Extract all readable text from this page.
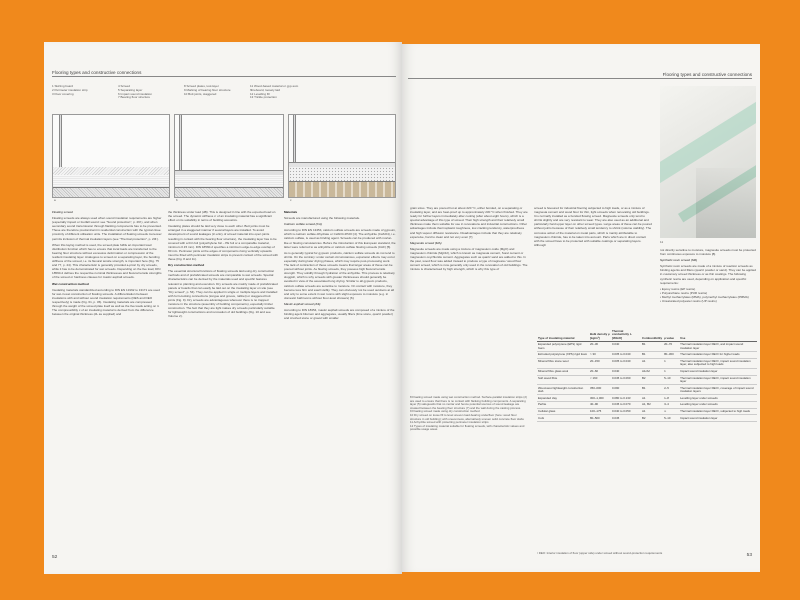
Flooring types and constructive connections
1 Skirting board
2 Perimeter insulation strip
3 Floor covering
4 Screed
5 Separating layer
6 Impact sound insulation
7 Bearing floor structure
8 Screed plates, tool-layer
9 Marking of bearing floor structure
10 Butt joints, staggered
11 Wood-based material or gyp-sum fibreboard, loosely laid
12 Levelling fill
13 Trickle protection
a	b	c

Floating screed

Floating screeds are always used when sound insulation requirements are higher (especially impact or footfall sound: see "Sound protection", p. 29f.), and when secondary sound transmission through flanking components has to be prevented. These are therefore predominant in residential construction with the typical close proximity of different utilisation units. The installation of floating screeds moreover permits inclusion of thermal insulation layers (see "Thermal protection", p. 20f.).

When this laying method is used, the screed plate fulfils an important load distribution function which has to ensure that local loads are transferred to the bearing floor structure without excessive deformation or compression of the resilient insulating layer. Analogous to screed on a separating layer, the bending stiffness of the screed, i.e. its flexural tensile strength, is important here (Fig. 75 and 77, p. 44). This characteristic is generally provided a-priori by dry screeds, while it has to be demonstrated for wet screeds. Depending on the live load, DIN 18560-2 defines the respective nominal thicknesses and flexural tensile strengths of the screed or hardness classes for mastic asphalt screeds.

Wet construction method

Insulating materials standardized according to DIN EN 13162 to 13171 are used for wet-in-wet construction of floating screeds. A differentiation between insulations with and without sound insulation requirements (DES and DEO respectively) is made (Fig. 61, p. 36). Insulating materials are compressed through the weight of the screed plate itself as well as the live loads acting on it. The compressibility c of an insulating material is derived from the difference between the original thickness (dL as supplied) and

the thickness under load (dB). This is designed in line with the expected load on the screed. The dynamic stiffness s' of an insulating material has a significant effect on its suitability in terms of building acoustics.

Insulating plates should be laid very close to each other. Butt joints must be arranged in a staggered manner if several layers are installed. To avoid development of sound leakages (in entry of screed material into open joints resulting in contact with the bearing floor structure), the insulating layer has to be covered with a thin foil (polyethylene foil – PE foil or a comparable material, minimum 0.15 mm). DIN 18560-2 specifies a minimum edge-to-edge overlap of 80 mm. Perimeter joints at the edges of components rising vertically upwards must be fitted with perimeter insulation strips to prevent contact of the screed with these (Fig. 8 and 11).

Dry construction method

The essential structural functions of floating screeds laid using dry construction methods and of prefabricated screeds are comparable to wet screeds. Special characteristics can be derived by the materials used and specific features relevant to planning and execution. Dry screeds are mainly made of prefabricated panels or boards that can easily be laid out on the insulating layer on site (see "Dry screed", p. 54). They can be applied in single or multiple layers and installed with form-locking connections (tongue and groove, rabbet) or staggered butt joints (Fig. 9). Dry screeds are advantageous wherever there is no trapped moisture in the structure (assembly of building components), especially timber construction. The fact that they are light makes dry screeds particularly suitable for lightweight constructions and renovation of old buildings (Fig. 10 and see Volume 2).

Materials

Screeds are manufactured using the following materials.

Calcium sulfate screed (CA)

According to DIN EN 13454, calcium sulfate screeds are screeds made of gypsum, which is calcium sulfate dihydrate or CaSO4.2H2O [4]. The anhydrite (CaSO4), i.e. calcium sulfate, is used as binding agent. Screeds can be produced with mortar-like or flowing consistencies. Before the introduction of this European standard, the latter were referred to as anhydrite or calcium sulfate flowing screeds (CAF) [5].

As is generally typical for gypsum products, calcium sulfate screeds do not tend to shrink. On the contrary: under certain circumstances, expansion effects may occur especially during later drying phases, which may require post-processing work. The lack of contraction of these screeds means that larger areas of these can be poured without joints. As flowing screeds, they possess high flexural tensile strength. They solidify through hydration of the anhydrite. This process is relatively sluggish, which is why screeds with greater thicknesses should generally be avoided in view of the associated long drying. Similar to all gypsum products, calcium sulfate screeds are sensitive to moisture. On contact with moisture, they become less firm and swell visibly. They can obviously not be used outdoors at all and only to some extent in wet rooms with slight exposure to moisture (e.g. in domestic bathrooms without floor-level showers) [6].

Mastic asphalt screed (AS)

According to DIN 18354, mastic asphalt screeds are composed of a mixture of the binding agent bitumen and aggregates, usually fillers (lime stone, quartz powder) and crushed stone or gravel with smaller

52
Flooring types and constructive connections
11

grain sizes. They are poured hot at about 220 °C, either bonded, on a separating or insulating layer, and are heat-proof up to approximately 230 °C when finished. They are ready for further layers immediately after cooling (after about eight hours), which is a special advantage of this type of screed. Their high strength and their relatively small thickness make them suitable for use in renovations and industrial constructions. Other advantages include thermoplastic toughness, low cracking tendency, waterproofness and high vapour diffusion resistance. Disadvantages include that they are relatively expensive, hard to clean and not very even [7].

Magnesite screed (MA)

Magnesite screeds are made using a mixture of magnesium oxide (MgO) and magnesium chloride (MgCl2), which is known as magnesia cement, Sorel cement or magnesium oxychloride cement. Aggregates such as quartz sand are added to this. In the past, wood flour was added instead to produce a type of magnesia / wood flour cement screed, which is now generally only used in the renovation of old buildings. The mixture is characterised by high strength, which is why this type of

screed is favoured for industrial flooring subjected to high loads, or as a mixture of magnesia cement and wood flour for thin, light screeds when renovating old buildings. It is normally installed as a bonded flowing screed. Magnesite screeds only tend to shrink slightly and are very resistant to wear. They are also used as an additional and particularly hard upper layer on other screed types. Large areas of these can be poured without joints because of their relatively small tendency to shrink (volume stability). The corrosive action of the material on metal parts, which is mainly attributable to magnesium chloride, has to be taken into account. Parts which are in direct contact with the screed have to be protected with suitable coatings or separating layers. Although

not directly sensitive to moisture, magnesite screeds must be protected from continuous exposure to moisture [8].

Synthetic resin screed (SR)

Synthetic resin screeds are made of a mixture of reaction screeds as binding agents and fillers (quartz powder or sand). They can be applied in customary screed thickness or as thin coatings. The following synthetic resins are used, depending on application and specific requirements:

• Epoxy resins (EP resins)

• Polyurethane resins (PUR resins)

• Methyl methacrylates (MMA), polymethyl methacrylates (PMMA)

• Unsaturated polyester resins (UP resins)

8 Floating screed made using wet construction method. Surface-parallel insulation strips (2) are used to ensure that there is no contact with flanking building components. A separating layer (5) safeguards that no mortar and hence potential sources of sound leakage are created between the bearing floor structure (7) and the wall during the casting process.

9 Floating screed made using dry construction method

10 Dry screed on loose fill to level uneven load-bearing underfloor (here: wood floor structure in old building); with unevenness, alternatively uneven solid concrete floor slabs

11 Anhydrite screed with protecting perimeter insulation strips

12 Types of insulating material suitable for floating screeds, with characteristic values and possible usage areas

Type of insulating material	Bulk density ρ [kg/m³]	Thermal conductivity λ [W/mK]	Combustibility	µ value	Use
Expanded polystyrene (EPS) rigid foam	20–30	0.040	B1	20–70	Thermal insulation layer DEO¹, and impact sound insulation layer
Extruded polystyrene (XPS) rigid foam	> 30	0.035 to 0.040	B1	80–300	Thermal insulation layer DEO¹ for higher loads
Mineral fibre stone wool	20–150	0.035 to 0.040	A1	1	Thermal insulation layer DEO¹, impact sound insulation layer, also subjected to high loads
Mineral fibre glass wool	20–60	0.040	A1/A2	1	Impact sound insulation layer
Soft wood fibre	< 160	0.045 to 0.060	B2	5–10	Thermal insulation layer DEO¹, impact sound insulation layer
Wood-wool lightweight construction slab	350–600	0.090	B1	2–5	Thermal insulation layer DEO¹, coverage of impact sound insulation layers
Expanded clay	300–1,000	0.080 to 0.133	A1	1–8	Levelling layer under screeds
Perlite	40–90	0.045 to 0.070	A1, B2	3–4	Levelling layer under screeds
Cellular glass	100–175	0.040 to 0.050	A1	∞	Thermal insulation layer DEO¹, subjected to high loads
Cork	80–500	0.045	B2	5–10	Impact sound insulation layer
¹ DEO: Interior insulation of floor (upper side) under screed without sound-protection requirements	53
